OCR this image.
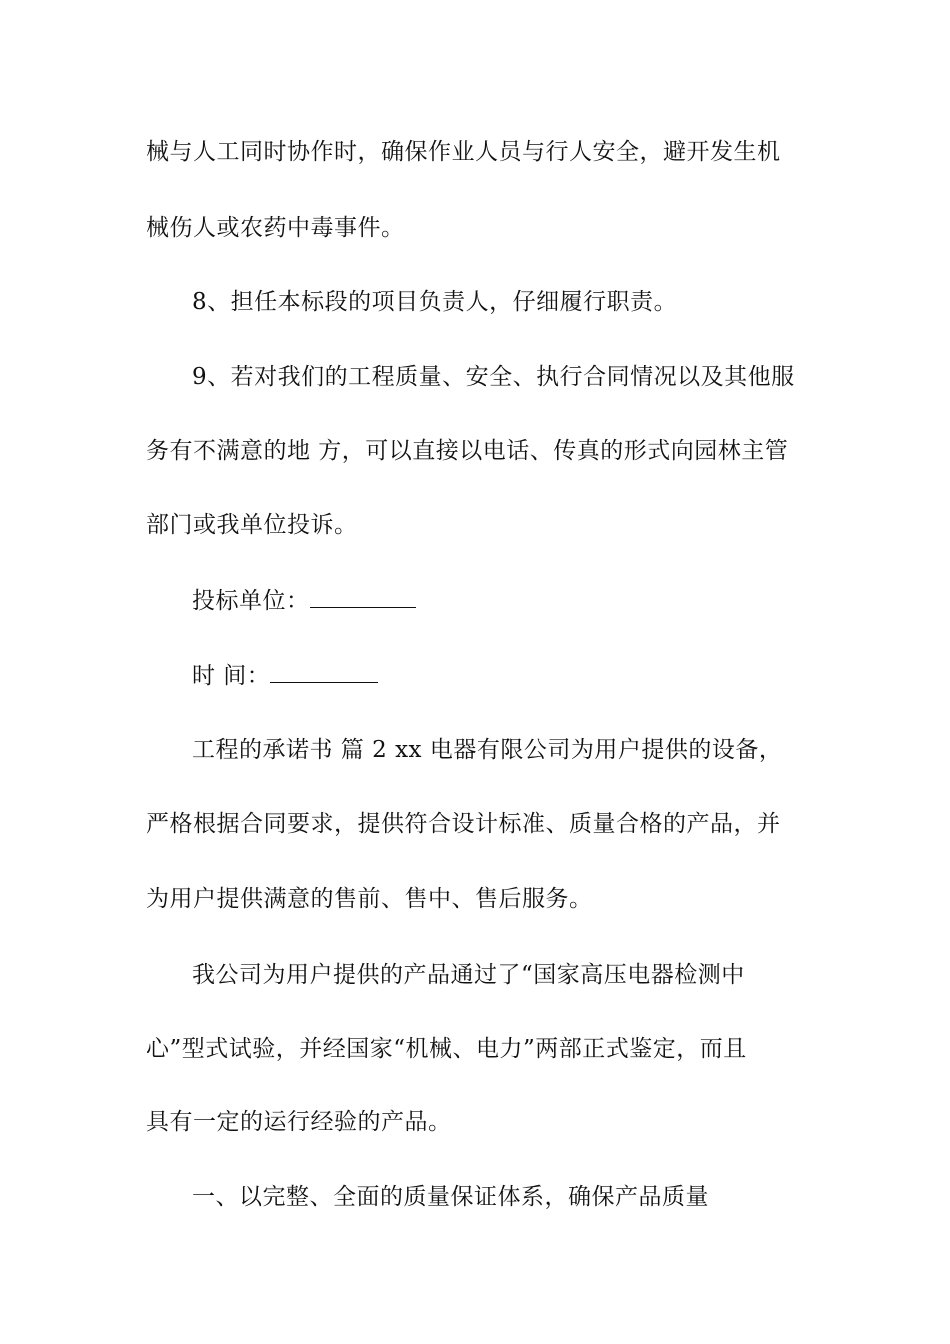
械与人工同时协作时，确保作业人员与行人安全，避开发生机
械伤人或农药中毒事件。
8、担任本标段的项目负责人，仔细履行职责。
9、若对我们的工程质量、安全、执行合同情况以及其他服
务有不满意的地 方，可以直接以电话、传真的形式向园林主管
部门或我单位投诉。
投标单位：
时 间：
工程的承诺书 篇 2 xx 电器有限公司为用户提供的设备，
严格根据合同要求，提供符合设计标准、质量合格的产品，并
为用户提供满意的售前、售中、售后服务。
我公司为用户提供的产品通过了“国家高压电器检测中
心”型式试验，并经国家“机械、电力”两部正式鉴定，而且
具有一定的运行经验的产品。
一、以完整、全面的质量保证体系，确保产品质量
